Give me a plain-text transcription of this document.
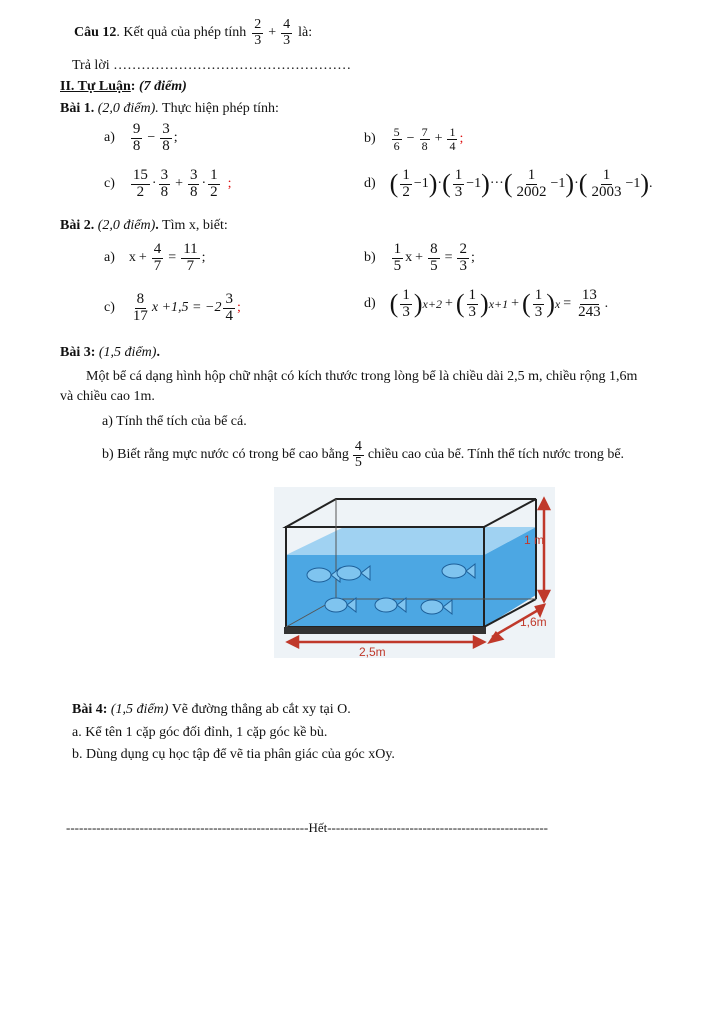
Câu 12 . Kết quả của phép tính $\frac{2}{3} + \frac{4}{3}$ là:
Trả lời ……………………………………………
II. Tự Luận: (7 điểm)
Bài 1. (2,0 điểm). Thực hiện phép tính:
$a) \frac{9}{8} - \frac{3}{8}$ ;	$b) \frac{5}{6} - \frac{7}{8} + \frac{1}{4}$ ;
$c) \frac{15}{2} \cdot \frac{3}{8} + \frac{3}{8} \cdot \frac{1}{2}$ ;	d) ( $\frac{1}{2} -1$ ) · ( $\frac{1}{3} -1$ ) ··· ( $\frac{1}{2002} -1$ ) · ( $\frac{1}{2003} -1$ ) .
Bài 2. (2,0 điểm). Tìm x, biết:
a) $x + \frac{4}{7} = \frac{11}{7}$ ;	$b) \frac{1}{5}$ $x + \frac{8}{5} = \frac{2}{3}$ ;
$c) \frac{8}{17}$ $x +1,5 = -2 \frac{3}{4}$ ;	d) ( $\frac{1}{3}$ ) x+2 + ( $\frac{1}{3}$ ) x+1 + ( $\frac{1}{3}$ ) $x = \frac{13}{243}$ .
Bài 3: (1,5 điểm).
Một bể cá dạng hình hộp chữ nhật có kích thước trong lòng bể là chiều dài 2,5 m, chiều rộng 1,6m
và chiều cao 1m.
a) Tính thể tích của bể cá.
b) Biết rằng mực nước có trong bể cao bằng $\frac{4}{5}$ chiều cao của bể. Tính thể tích nước trong bể.
1 m
1,6m
2,5m
Bài 4: (1,5 điểm) Vẽ đường thẳng ab cắt xy tại O.
a. Kể tên 1 cặp góc đối đỉnh, 1 cặp góc kề bù.
b. Dùng dụng cụ học tập để vẽ tia phân giác của góc xOy.
--------------------------------------------------------Hết---------------------------------------------------
